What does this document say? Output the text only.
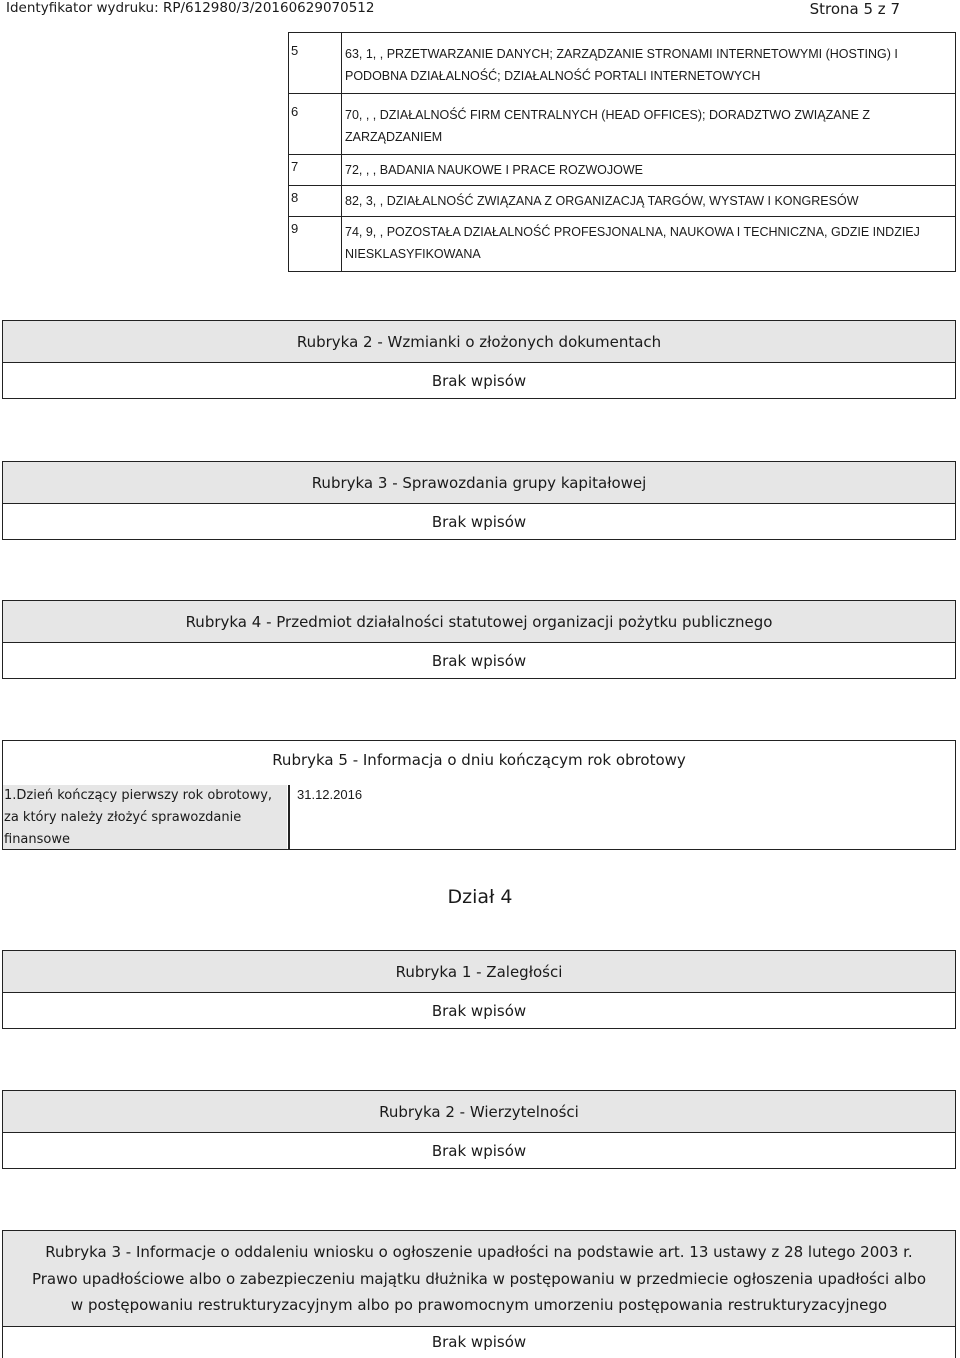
Identyfikator wydruku: RP/612980/3/20160629070512	Strona 5 z 7
5	63, 1, , PRZETWARZANIE DANYCH; ZARZĄDZANIE STRONAMI INTERNETOWYMI (HOSTING) I PODOBNA DZIAŁALNOŚĆ; DZIAŁALNOŚĆ PORTALI INTERNETOWYCH
6	70, , , DZIAŁALNOŚĆ FIRM CENTRALNYCH (HEAD OFFICES); DORADZTWO ZWIĄZANE Z ZARZĄDZANIEM
7	72, , , BADANIA NAUKOWE I PRACE ROZWOJOWE
8	82, 3, , DZIAŁALNOŚĆ ZWIĄZANA Z ORGANIZACJĄ TARGÓW, WYSTAW I KONGRESÓW
9	74, 9, , POZOSTAŁA DZIAŁALNOŚĆ PROFESJONALNA, NAUKOWA I TECHNICZNA, GDZIE INDZIEJ NIESKLASYFIKOWANA
Rubryka 2 - Wzmianki o złożonych dokumentach
Brak wpisów
Rubryka 3 - Sprawozdania grupy kapitałowej
Brak wpisów
Rubryka 4 - Przedmiot działalności statutowej organizacji pożytku publicznego
Brak wpisów
Rubryka 5 - Informacja o dniu kończącym rok obrotowy
1.Dzień kończący pierwszy rok obrotowy,
za który należy złożyć sprawozdanie
finansowe
31.12.2016
Dział 4
Rubryka 1 - Zaległości
Brak wpisów
Rubryka 2 - Wierzytelności
Brak wpisów
Rubryka 3 - Informacje o oddaleniu wniosku o ogłoszenie upadłości na podstawie art. 13 ustawy z 28 lutego 2003 r.
Prawo upadłościowe albo o zabezpieczeniu majątku dłużnika w postępowaniu w przedmiecie ogłoszenia upadłości albo
w postępowaniu restrukturyzacyjnym albo po prawomocnym umorzeniu postępowania restrukturyzacyjnego
Brak wpisów
